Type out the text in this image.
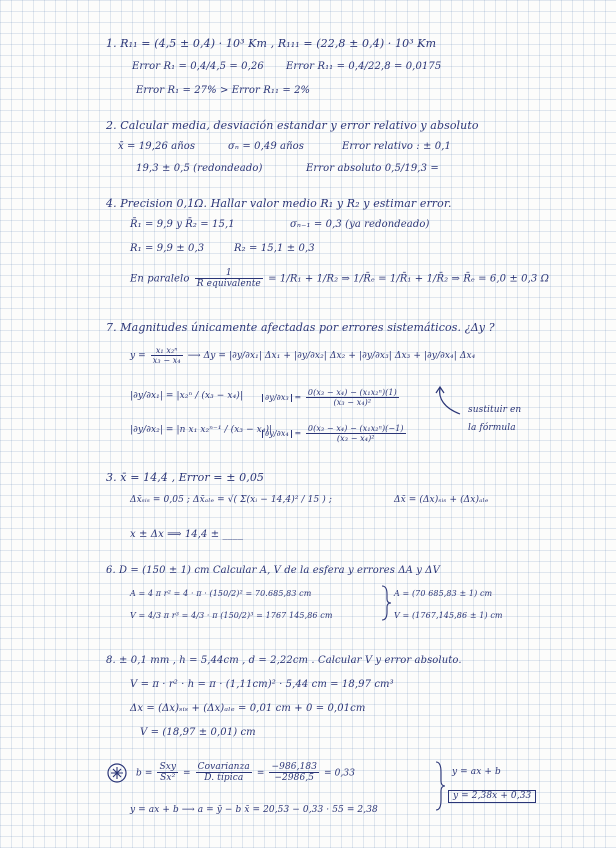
1. R₁₁ = (4,5 ± 0,4) · 10³ Km , R₁₁₁ = (22,8 ± 0,4) · 10³ Km
Error R₁ = 0,4/4,5 = 0,26 Error R₁₁ = 0,4/22,8 = 0,0175
Error R₁ = 27% > Error R₁₁ = 2%
2. Calcular media, desviación estandar y error relativo y absoluto
x̄ = 19,26 años	σₙ = 0,49 años	Error relativo : ± 0,1
19,3 ± 0,5 (redondeado)	Error absoluto 0,5/19,3 =
4. Precision 0,1Ω. Hallar valor medio R₁ y R₂ y estimar error.
R̄₁ = 9,9 y R̄₂ = 15,1	σₙ₋₁ = 0,3 (ya redondeado)
R₁ = 9,9 ± 0,3	R₂ = 15,1 ± 0,3
En paralelo $\frac{1}{\text{R equivalente}} = 1/R_1 + 1/R_2$ ⇒ 1/R̄ₑ = 1/R̄₁ + 1/R̄₂ ⇒ R̄ₑ = 6,0 ± 0,3 Ω
7. Magnitudes únicamente afectadas por errores sistemáticos. ¿Δy ?
$y = \frac{\text{x₁ x₂ⁿ}}{\text{x₃ − x₄}}$ ⟶ Δy = |∂y/∂x₁| Δx₁ + |∂y/∂x₂| Δx₂ + |∂y/∂x₃| Δx₃ + |∂y/∂x₄| Δx₄
|∂y/∂x₁| = |x₂ⁿ / (x₃ − x₄)|
|∂y/∂x₂| = |n x₁ x₂ⁿ⁻¹ / (x₃ − x₄)|
$\partial y/\partial x_3 = \frac{\text{0(x₃ − x₄) − (x₁x₂ⁿ)(1)}}{\text{(x₃ − x₄)²}}$
$\partial y/\partial x_4 = \frac{\text{0(x₃ − x₄) − (x₁x₂ⁿ)(−1)}}{\text{(x₃ − x₄)²}}$
sustituir en
la fórmula
3. x̄ = 14,4 , Error = ± 0,05
Δx̄ₛᵢₛ = 0,05 ; Δx̄ₐₗₑ = √( Σ(xᵢ − 14,4)² / 15 ) ;	Δx̄ = (Δx)ₛᵢₛ + (Δx)ₐₗₑ
x ± Δx ⟹ 14,4 ± ____
6. D = (150 ± 1) cm Calcular A, V de la esfera y errores ΔA y ΔV
A = 4 π r² = 4 · π · (150/2)² = 70.685,83 cm
V = 4/3 π r³ = 4/3 · π (150/2)³ = 1767 145,86 cm
A = (70 685,83 ± 1) cm
V = (1767,145,86 ± 1) cm
8. ± 0,1 mm , h = 5,44cm , d = 2,22cm . Calcular V y error absoluto.
V = π · r² · h = π · (1,11cm)² · 5,44 cm = 18,97 cm³
Δx = (Δx)ₛᵢₛ + (Δx)ₐₗₑ = 0,01 cm + 0 = 0,01cm
V = (18,97 ± 0,01) cm
$b = \frac{\text{Sxy}}{\text{Sx²}} = \frac{\text{Covarianza}}{\text{D. típica}} = \frac{-986,183}{-2986,5} = 0,33$
y = ax + b ⟶ a = ȳ − b x̄ = 20,53 − 0,33 · 55 = 2,38
y = ax + b
y = 2,38x + 0,33
